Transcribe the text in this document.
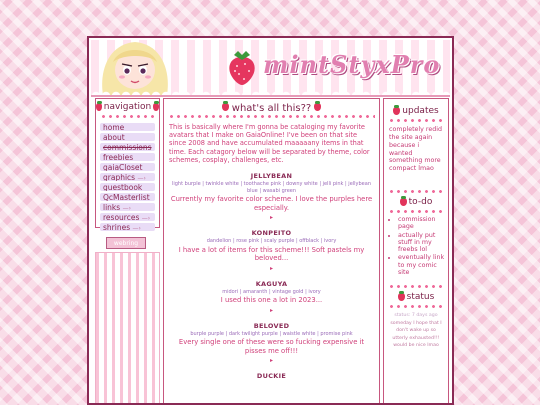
mintStyxPro
navigation
home
about
commissions
freebies
gaiaCloset
graphics —›
guestbook
QcMasterlist
links —›
resources —›
shrines —›
webring
what's all this??
This is basically where I'm gonna be cataloging my favorite avatars that I make on GaiaOnline! I've been on that site since 2008 and have accumulated maaaaany items in that time. Each catagory below will be separated by theme, color schemes, cosplay, challenges, etc.
JELLYBEAN
light burple | twinkle white | toothache pink | downy white | jelli pink | jellybean blue | wasabi green
Currently my favorite color scheme. I love the purples here especially.
▸
KONPEITO
dandelion | rose pink | scaly purple | offblack | ivory
I have a lot of items for this scheme!!! Soft pastels my beloved...
▸
KAGUYA
midori | amaranth | vintage gold | ivory
I used this one a lot in 2023...
▸
BELOVED
burple purple | dark twilight purple | waistle white | promise pink
Every single one of these were so fucking expensive it pisses me off!!!
▸
DUCKIE
updates
completely redid the site again because i wanted something more compact lmao
to-do
• commission page
• actually put stuff in my freebs lol
• eventually link to my comic site
status
status: 7 days ago
someday I hope that I don't wake up so utterly exhausted!!! would be nice lmao
